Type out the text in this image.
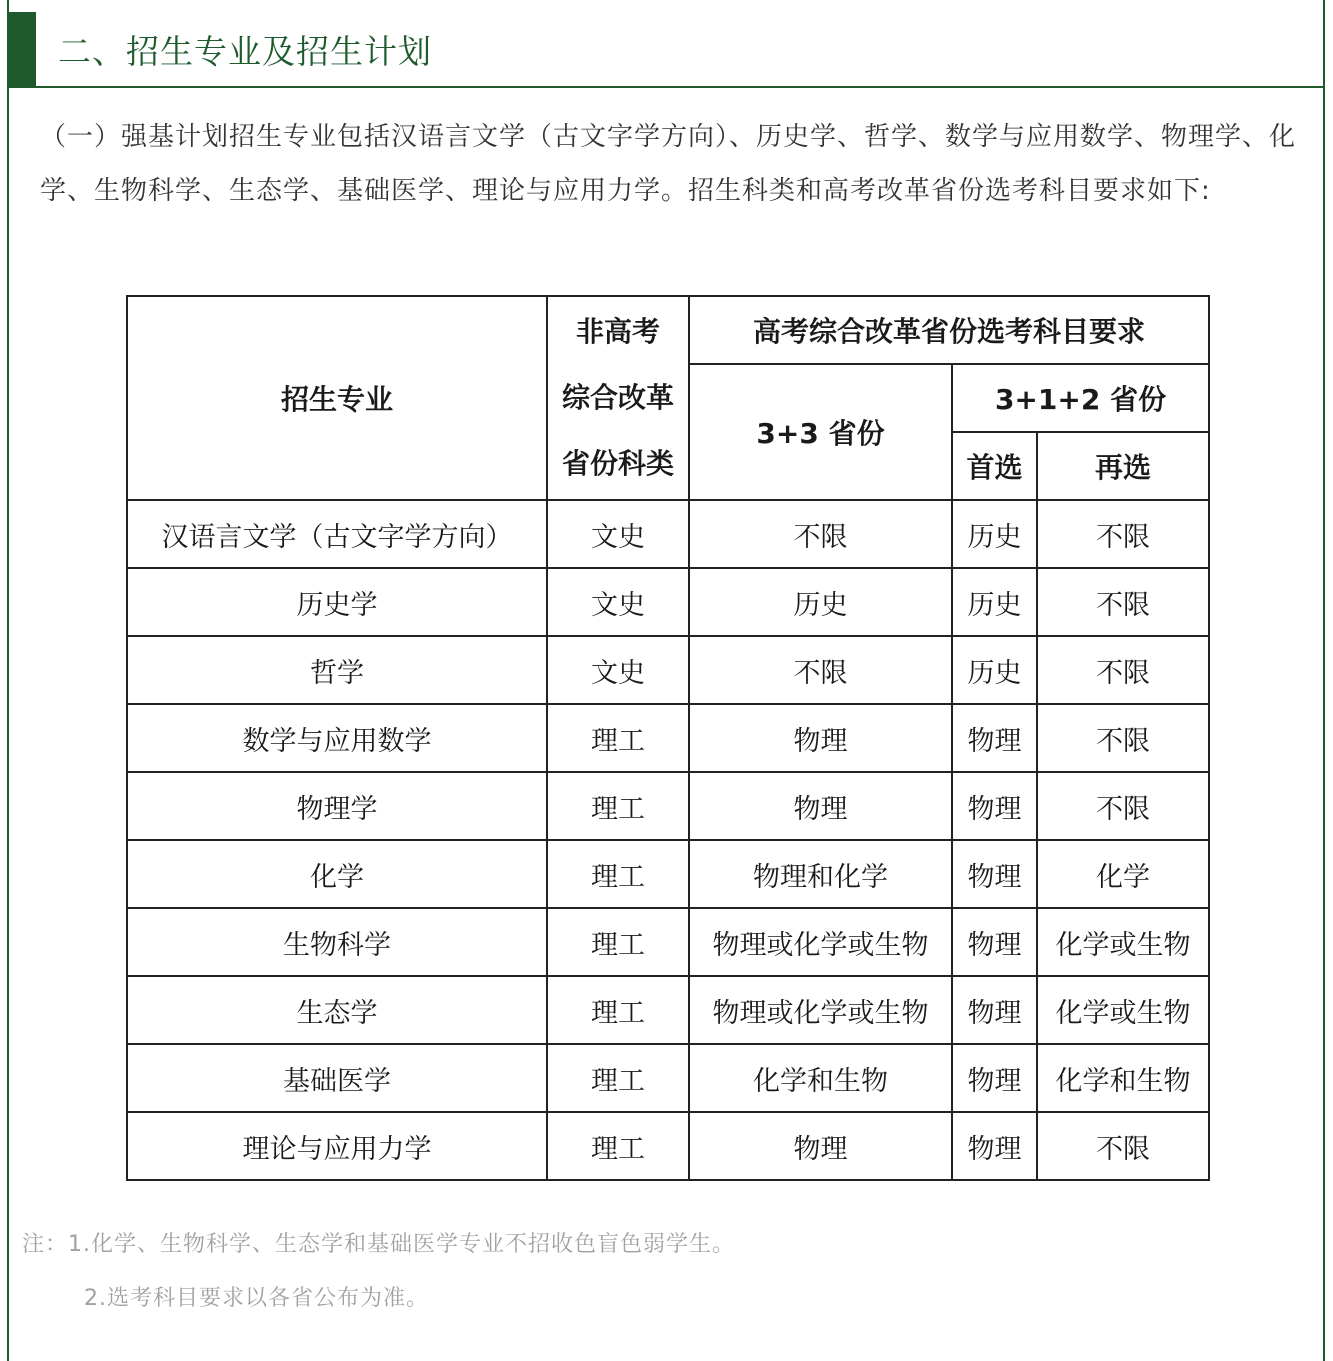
二、招生专业及招生计划

（一）强基计划招生专业包括汉语言文学（古文字学方向）、历史学、哲学、数学与应用数学、物理学、化学、生物科学、生态学、基础医学、理论与应用力学。招生科类和高考改革省份选考科目要求如下:

招生专业	非高考
综合改革
省份科类	高考综合改革省份选考科目要求		
		3+3 省份	3+1+2 省份	
			首选	再选
汉语言文学（古文字学方向）	文史	不限	历史	不限
历史学	文史	历史	历史	不限
哲学	文史	不限	历史	不限
数学与应用数学	理工	物理	物理	不限
物理学	理工	物理	物理	不限
化学	理工	物理和化学	物理	化学
生物科学	理工	物理或化学或生物	物理	化学或生物
生态学	理工	物理或化学或生物	物理	化学或生物
基础医学	理工	化学和生物	物理	化学和生物
理论与应用力学	理工	物理	物理	不限
注：1.化学、生物科学、生态学和基础医学专业不招收色盲色弱学生。
2.选考科目要求以各省公布为准。
